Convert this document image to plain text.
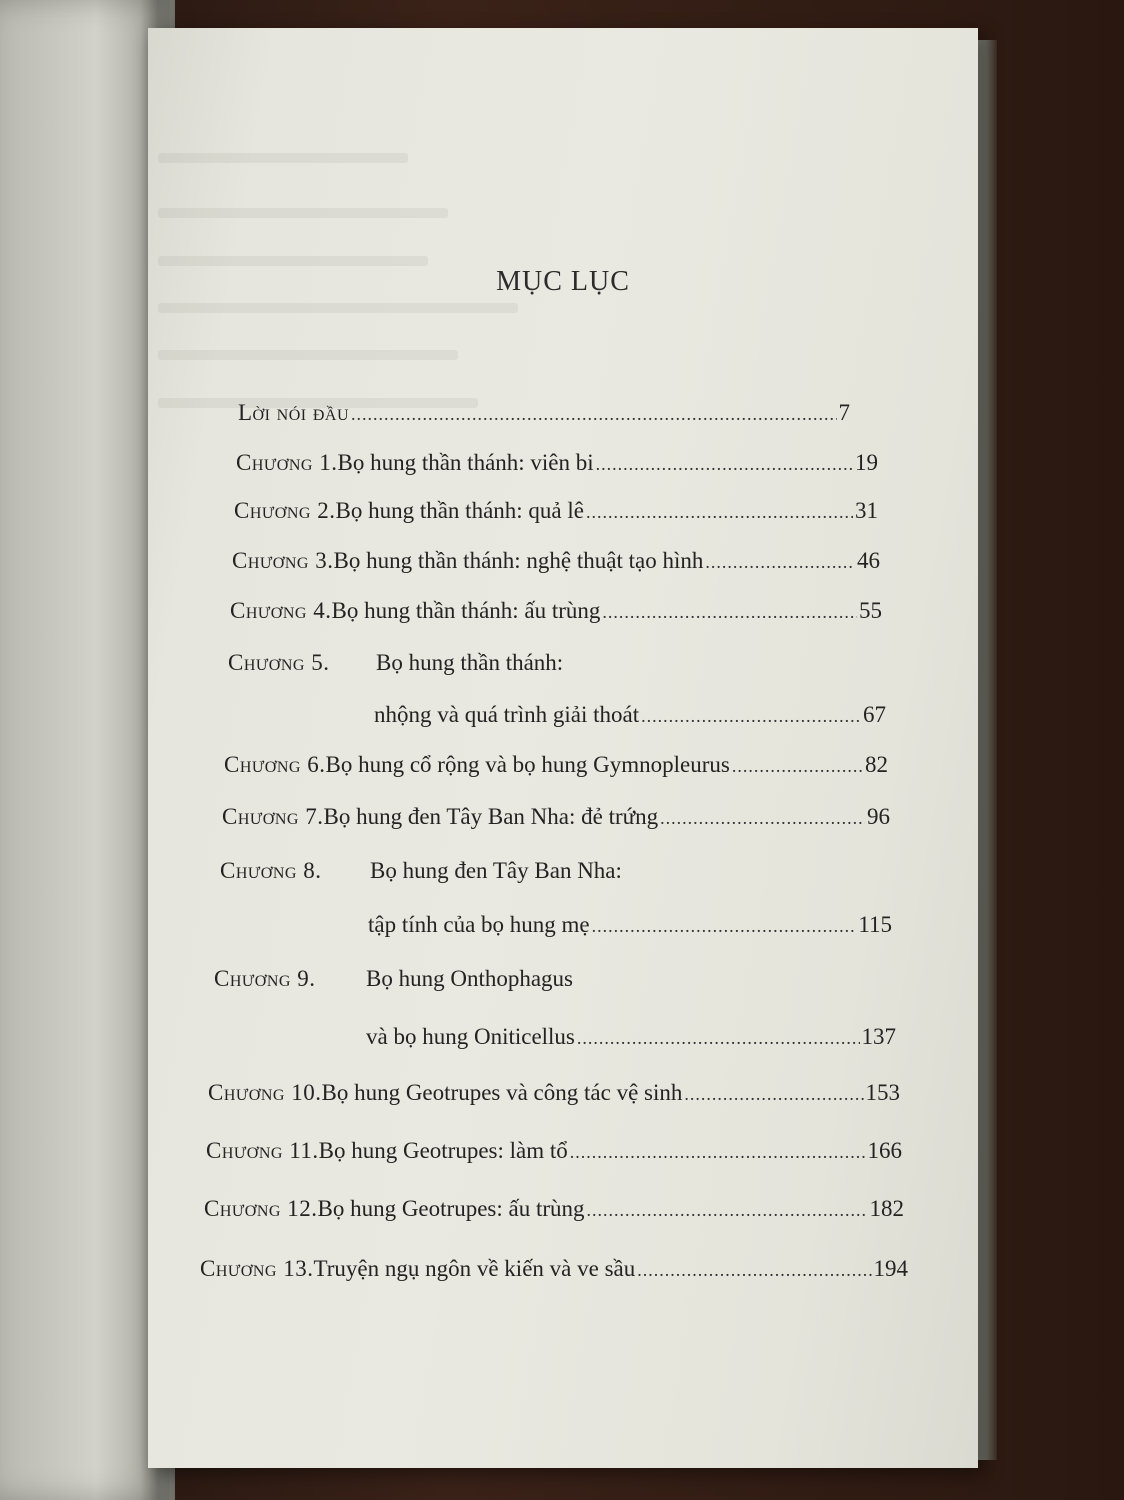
MỤC LỤC
Lời nói đầu .....	7
Chương 1. Bọ hung thần thánh: viên bi .....	19
Chương 2. Bọ hung thần thánh: quả lê .....	31
Chương 3. Bọ hung thần thánh: nghệ thuật tạo hình .....	46
Chương 4. Bọ hung thần thánh: ấu trùng .....	55
Chương 5.	Bọ hung thần thánh:
nhộng và quá trình giải thoát .....	67
Chương 6. Bọ hung cổ rộng và bọ hung Gymnopleurus .....	82
Chương 7. Bọ hung đen Tây Ban Nha: đẻ trứng .....	96
Chương 8.	Bọ hung đen Tây Ban Nha:
tập tính của bọ hung mẹ .....	115
Chương 9.	Bọ hung Onthophagus
và bọ hung Oniticellus .....	137
Chương 10. Bọ hung Geotrupes và công tác vệ sinh .....	153
Chương 11. Bọ hung Geotrupes: làm tổ .....	166
Chương 12. Bọ hung Geotrupes: ấu trùng .....	182
Chương 13. Truyện ngụ ngôn về kiến và ve sầu .....	194
